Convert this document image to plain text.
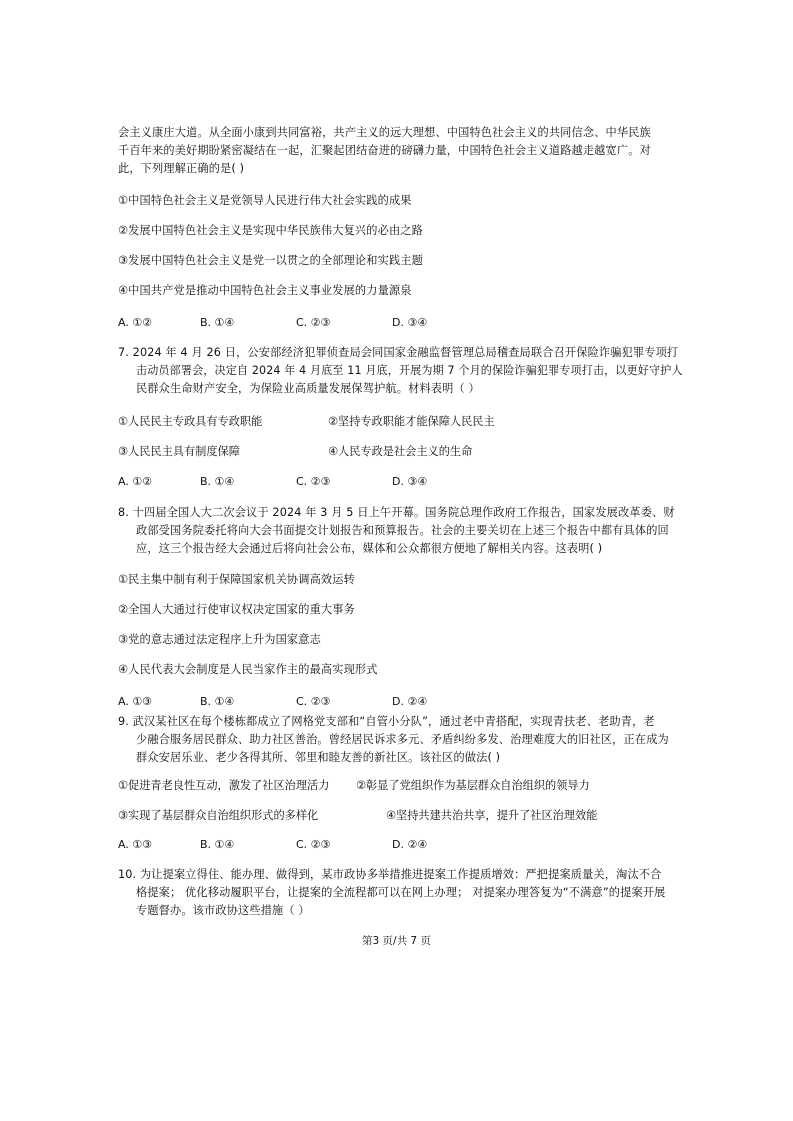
会主义康庄大道。从全面小康到共同富裕，共产主义的远大理想、中国特色社会主义的共同信念、中华民族
千百年来的美好期盼紧密凝结在一起，汇聚起团结奋进的磅礴力量，中国特色社会主义道路越走越宽广。对
此，下列理解正确的是( )
①中国特色社会主义是党领导人民进行伟大社会实践的成果
②发展中国特色社会主义是实现中华民族伟大复兴的必由之路
③发展中国特色社会主义是党一以贯之的全部理论和实践主题
④中国共产党是推动中国特色社会主义事业发展的力量源泉
A. ①②	B. ①④	C. ②③	D. ③④
7. 2024 年 4 月 26 日，公安部经济犯罪侦查局会同国家金融监督管理总局稽查局联合召开保险诈骗犯罪专项打
击动员部署会，决定自 2024 年 4 月底至 11 月底，开展为期 7 个月的保险诈骗犯罪专项打击，以更好守护人
民群众生命财产安全，为保险业高质量发展保驾护航。材料表明（ ）
①人民民主专政具有专政职能	②坚持专政职能才能保障人民民主
③人民民主具有制度保障	④人民专政是社会主义的生命
A. ①②	B. ①④	C. ②③	D. ③④
8. 十四届全国人大二次会议于 2024 年 3 月 5 日上午开幕。国务院总理作政府工作报告，国家发展改革委、财
政部受国务院委托将向大会书面提交计划报告和预算报告。社会的主要关切在上述三个报告中都有具体的回
应，这三个报告经大会通过后将向社会公布，媒体和公众都很方便地了解相关内容。这表明( )
①民主集中制有利于保障国家机关协调高效运转
②全国人大通过行使审议权决定国家的重大事务
③党的意志通过法定程序上升为国家意志
④人民代表大会制度是人民当家作主的最高实现形式
A. ①③	B. ①④	C. ②③	D. ②④
9. 武汉某社区在每个楼栋都成立了网格党支部和“自管小分队”，通过老中青搭配，实现青扶老、老助青，老
少融合服务居民群众、助力社区善治。曾经居民诉求多元、矛盾纠纷多发、治理难度大的旧社区，正在成为
群众安居乐业、老少各得其所、邻里和睦友善的新社区。该社区的做法( )
①促进青老良性互动，激发了社区治理活力 ②彰显了党组织作为基层群众自治组织的领导力
③实现了基层群众自治组织形式的多样化	④坚持共建共治共享，提升了社区治理效能
A. ①③	B. ①④	C. ②③	D. ②④
10. 为让提案立得住、能办理、做得到，某市政协多举措推进提案工作提质增效：严把提案质量关，淘汰不合
格提案； 优化移动履职平台，让提案的全流程都可以在网上办理； 对提案办理答复为“不满意”的提案开展
专题督办。该市政协这些措施（ ）
第3 页/共 7 页
